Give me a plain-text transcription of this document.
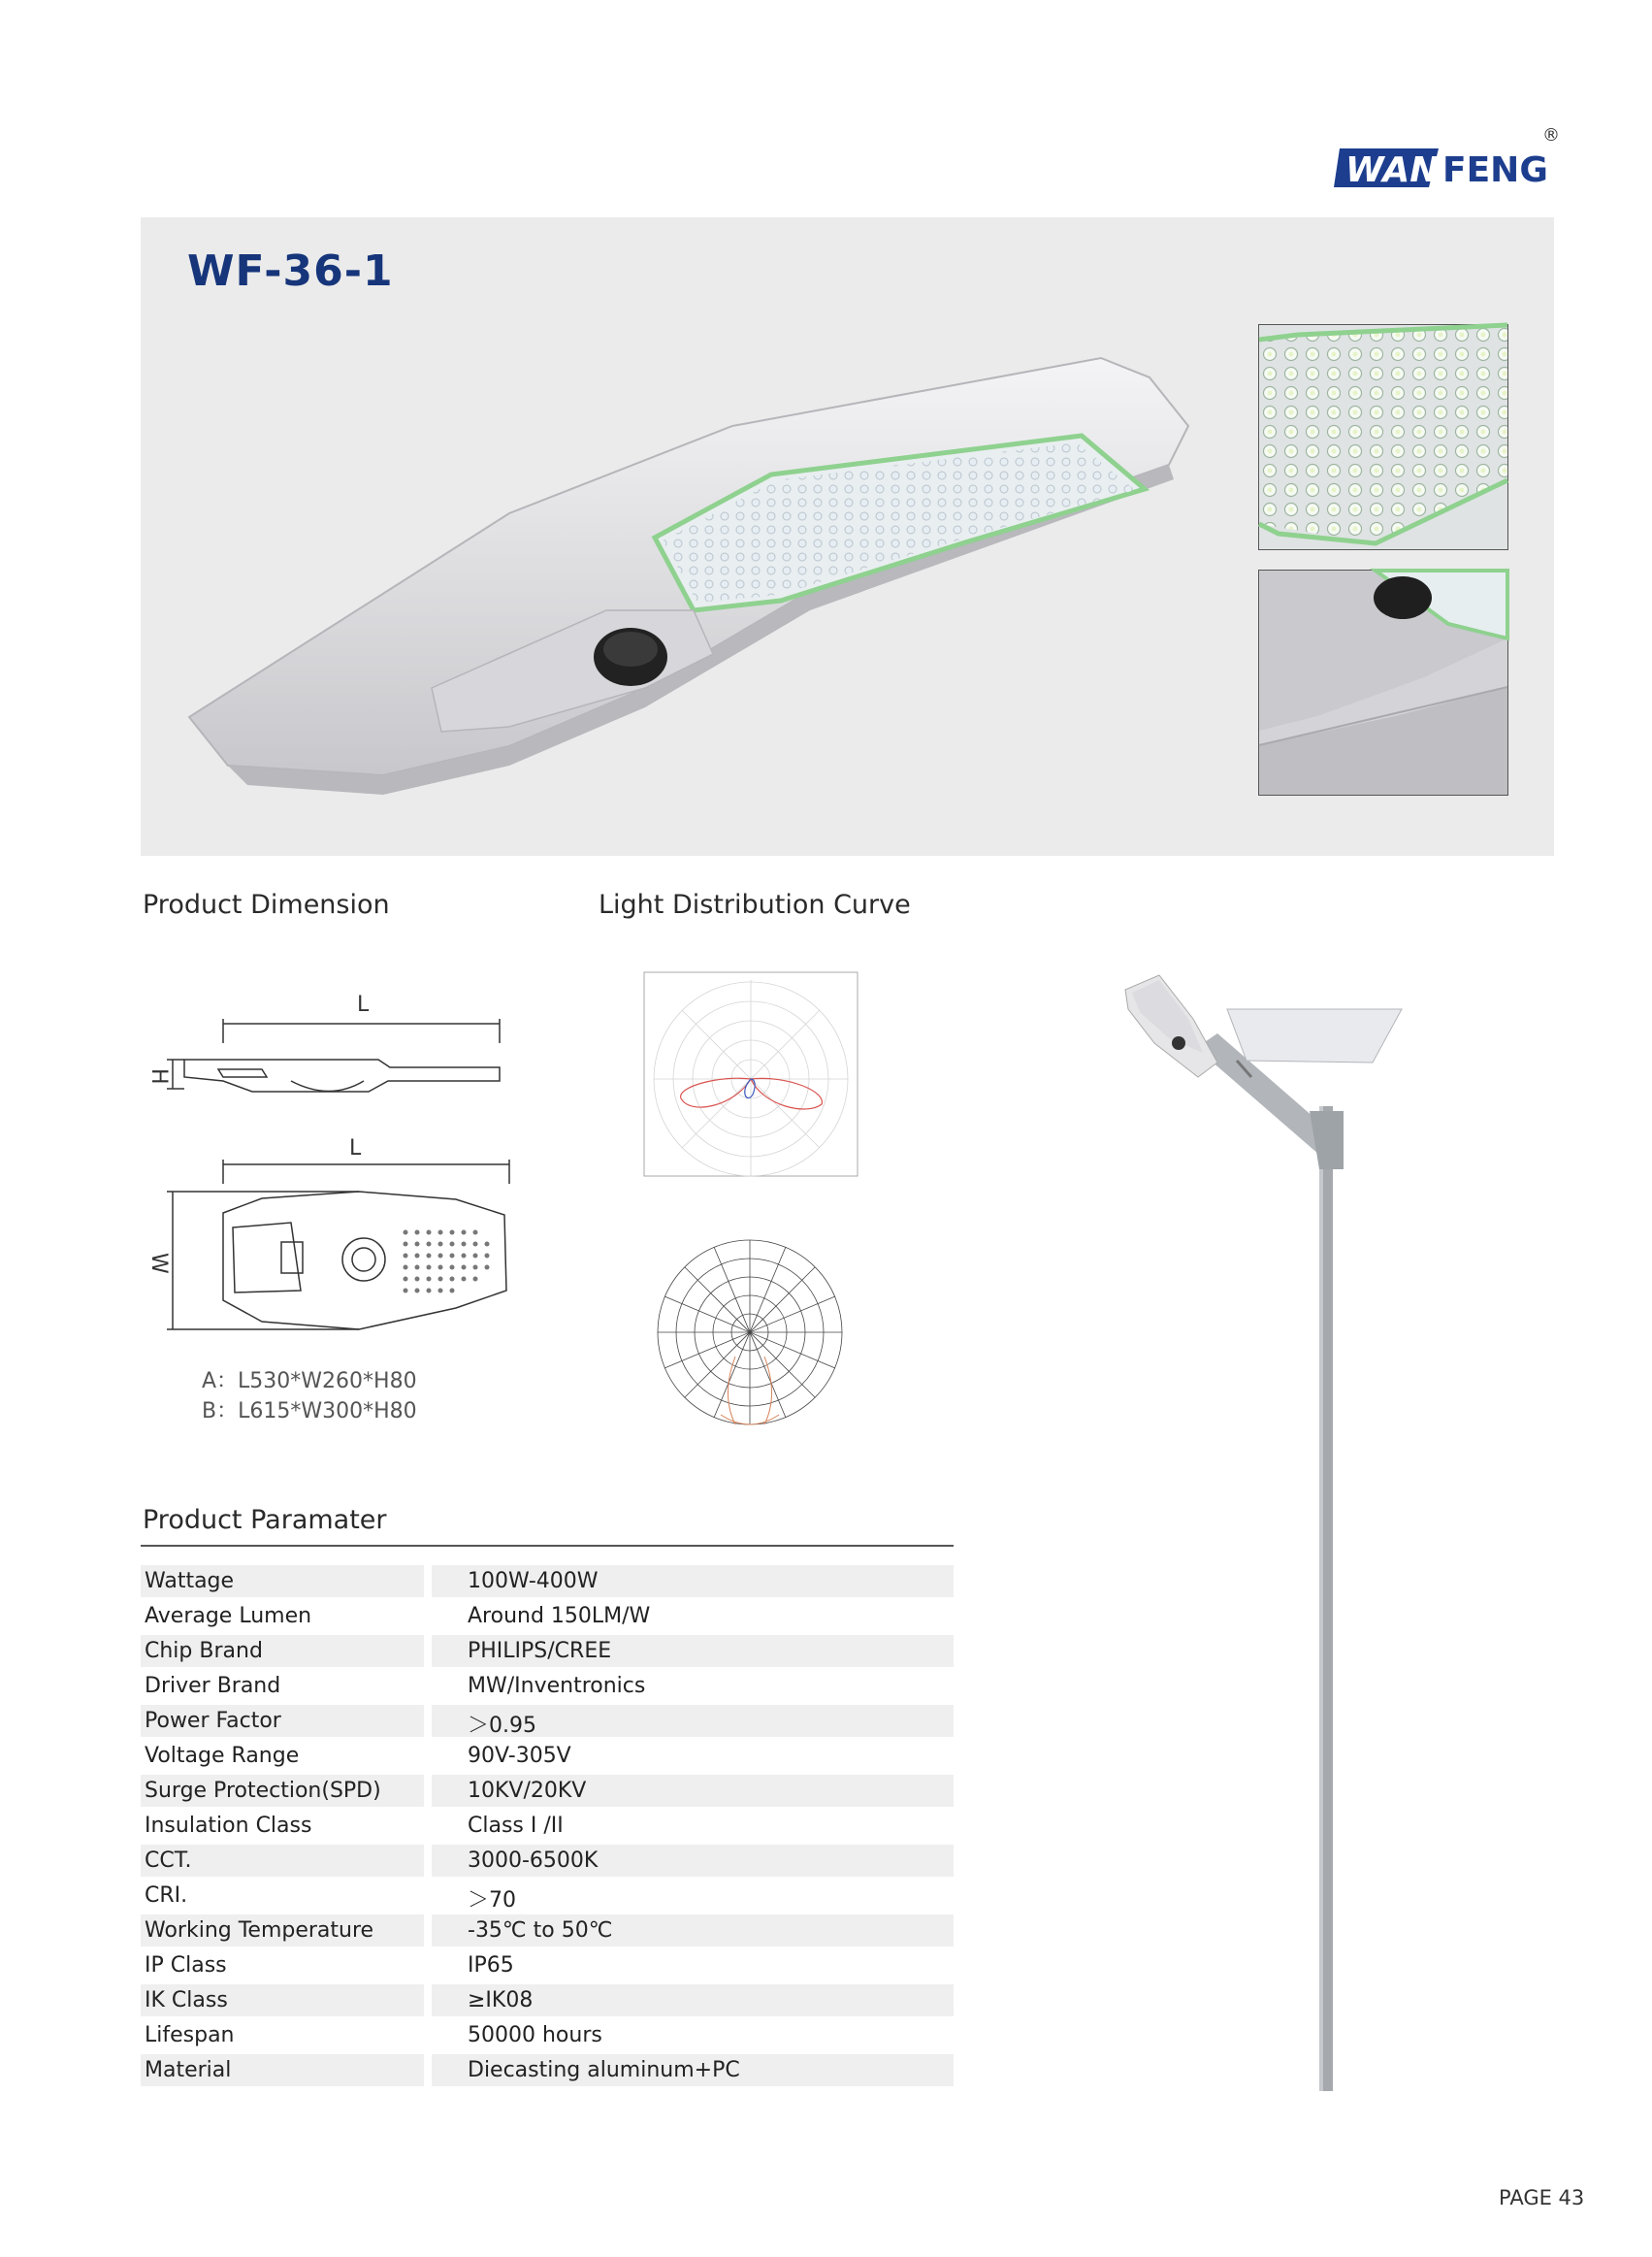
®
WAN FENG
WF-36-1
Product Dimension	Light Distribution Curve
L
L
H
W
A：L530*W260*H80
B：L615*W300*H80
Product Paramater
Wattage	100W-400W
Average Lumen	Around 150LM/W
Chip Brand	PHILIPS/CREE
Driver Brand	MW/Inventronics
Power Factor	＞0.95
Voltage Range	90V-305V
Surge Protection(SPD)	10KV/20KV
Insulation Class	Class I /II
CCT.	3000-6500K
CRI.	＞70
Working Temperature	-35℃ to 50℃
IP Class	IP65
IK Class	≥IK08
Lifespan	50000 hours
Material	Diecasting aluminum+PC
PAGE 43
